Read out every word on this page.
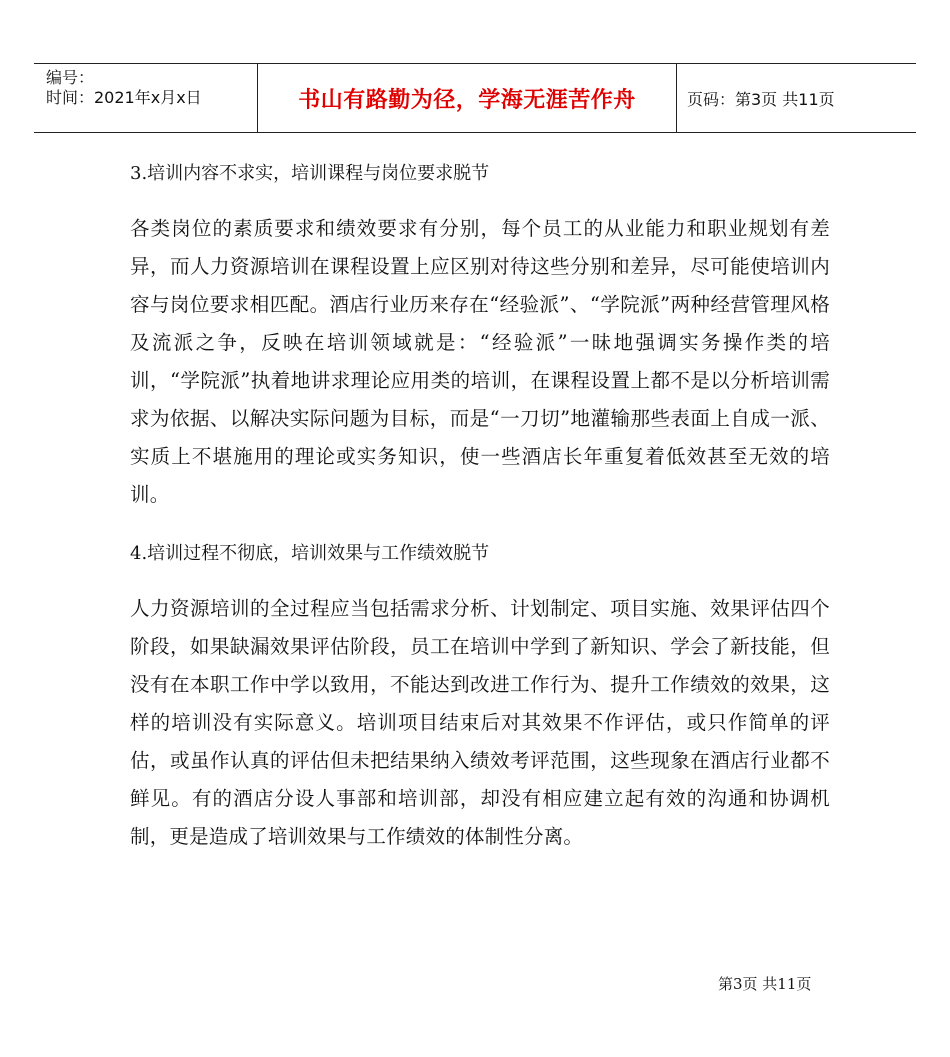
编号：
时间：2021年x月x日	书山有路勤为径，学海无涯苦作舟	页码：第3页 共11页
3.培训内容不求实，培训课程与岗位要求脱节

各类岗位的素质要求和绩效要求有分别，每个员工的从业能力和职业规划有差异，而人力资源培训在课程设置上应区别对待这些分别和差异，尽可能使培训内容与岗位要求相匹配。酒店行业历来存在“经验派”、“学院派”两种经营管理风格及流派之争，反映在培训领域就是：“经验派”一昧地强调实务操作类的培训，“学院派”执着地讲求理论应用类的培训，在课程设置上都不是以分析培训需求为依据、以解决实际问题为目标，而是“一刀切”地灌输那些表面上自成一派、实质上不堪施用的理论或实务知识，使一些酒店长年重复着低效甚至无效的培训。

4.培训过程不彻底，培训效果与工作绩效脱节

人力资源培训的全过程应当包括需求分析、计划制定、项目实施、效果评估四个阶段，如果缺漏效果评估阶段，员工在培训中学到了新知识、学会了新技能，但没有在本职工作中学以致用，不能达到改进工作行为、提升工作绩效的效果，这样的培训没有实际意义。培训项目结束后对其效果不作评估，或只作简单的评估，或虽作认真的评估但未把结果纳入绩效考评范围，这些现象在酒店行业都不鲜见。有的酒店分设人事部和培训部，却没有相应建立起有效的沟通和协调机制，更是造成了培训效果与工作绩效的体制性分离。

第3页 共11页
